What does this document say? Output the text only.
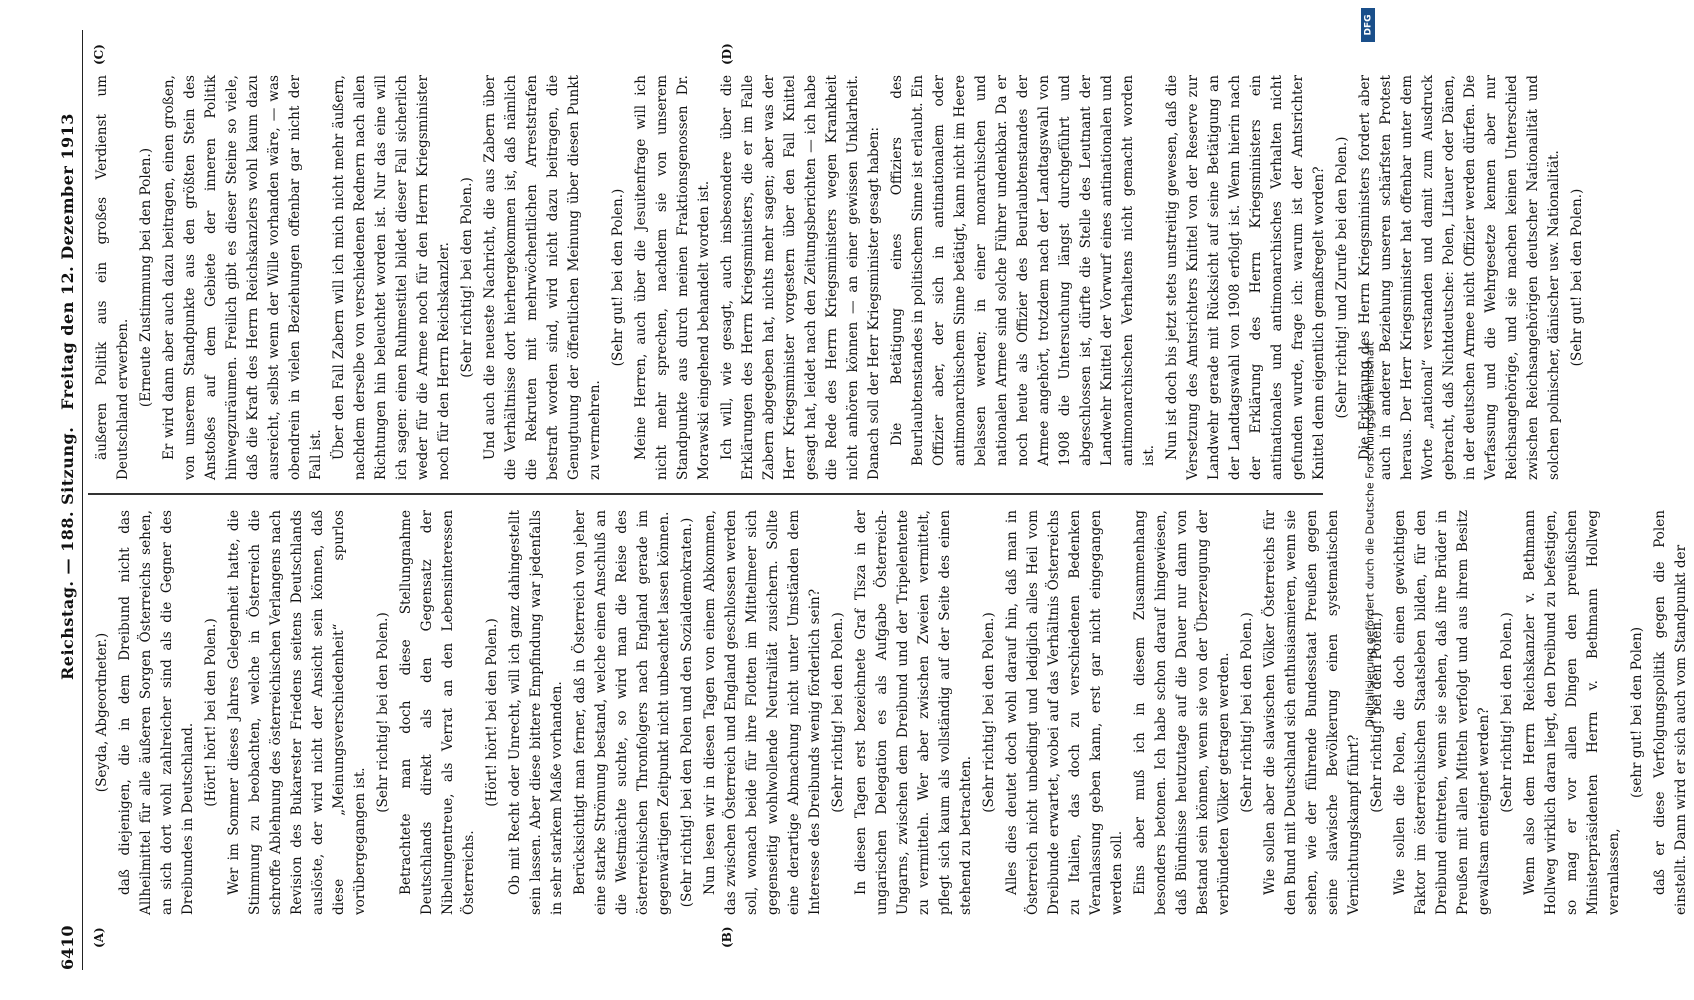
6410
Reichstag. — 188. Sitzung.
Freitag den 12. Dezember 1913
(A)	(B)
(C)	(D)

(Seyda, Abgeordneter.) daß diejenigen, die in dem Dreibund nicht das Allheilmittel für alle äußeren Sorgen Österreichs sehen, an sich dort wohl zahlreicher sind als die Gegner des Dreibundes in Deutschland.

(Hört! hört! bei den Polen.) Wer im Sommer dieses Jahres Gelegenheit hatte, die Stimmung zu beobachten, welche in Österreich die schroffe Ablehnung des österreichischen Verlangens nach Revision des Bukarester Friedens seitens Deutschlands auslöste, der wird nicht der Ansicht sein können, daß diese „Meinungsverschiedenheit“ spurlos vorübergegangen ist.

(Sehr richtig! bei den Polen.) Betrachtete man doch diese Stellungnahme Deutschlands direkt als den Gegensatz der Nibelungentreue, als Verrat an den Lebensinteressen Österreichs.

(Hört! hört! bei den Polen.) Ob mit Recht oder Unrecht, will ich ganz dahingestellt sein lassen. Aber diese bittere Empfindung war jedenfalls in sehr starkem Maße vorhanden. Berücksichtigt man ferner, daß in Österreich von jeher eine starke Strömung bestand, welche einen Anschluß an die Westmächte suchte, so wird man die Reise des österreichischen Thronfolgers nach England gerade im gegenwärtigen Zeitpunkt nicht unbeachtet lassen können. (Sehr richtig! bei den Polen und den Sozialdemokraten.) Nun lesen wir in diesen Tagen von einem Abkommen, das zwischen Österreich und England geschlossen werden soll, wonach beide für ihre Flotten im Mittelmeer sich gegenseitig wohlwollende Neutralität zusichern. Sollte eine derartige Abmachung nicht unter Umständen dem Interesse des Dreibunds wenig förderlich sein? (Sehr richtig! bei den Polen.) In diesen Tagen erst bezeichnete Graf Tisza in der ungarischen Delegation es als Aufgabe Österreich-Ungarns, zwischen dem Dreibund und der Tripelentente zu vermitteln. Wer aber zwischen Zweien vermittelt, pflegt sich kaum als vollständig auf der Seite des einen stehend zu betrachten.

(Sehr richtig! bei den Polen.) Alles dies deutet doch wohl darauf hin, daß man in Österreich nicht unbedingt und lediglich alles Heil vom Dreibunde erwartet, wobei auf das Verhältnis Österreichs zu Italien, das doch zu verschiedenen Bedenken Veranlassung geben kann, erst gar nicht eingegangen werden soll. Eins aber muß ich in diesem Zusammenhang besonders betonen. Ich habe schon darauf hingewiesen, daß Bündnisse heutzutage auf die Dauer nur dann von Bestand sein können, wenn sie von der Überzeugung der verbündeten Völker getragen werden. (Sehr richtig! bei den Polen.) Wie sollen aber die slawischen Völker Österreichs für den Bund mit Deutschland sich enthusiasmieren, wenn sie sehen, wie der führende Bundesstaat Preußen gegen seine slawische Bevölkerung einen systematischen Vernichtungskampf führt?

(Sehr richtig! bei den Polen.) Wie sollen die Polen, die doch einen gewichtigen Faktor im österreichischen Staatsleben bilden, für den Dreibund eintreten, wenn sie sehen, daß ihre Brüder in Preußen mit allen Mitteln verfolgt und aus ihrem Besitz gewaltsam enteignet werden? (Sehr richtig! bei den Polen.) Wenn also dem Herrn Reichskanzler v. Bethmann Hollweg wirklich daran liegt, den Dreibund zu befestigen, so mag er vor allen Dingen den preußischen Ministerpräsidenten Herrn v. Bethmann Hollweg veranlassen,

(sehr gut! bei den Polen) daß er diese Verfolgungspolitik gegen die Polen einstellt. Dann wird er sich auch vom Standpunkt der

äußeren Politik aus ein großes Verdienst um Deutschland erwerben. (Erneute Zustimmung bei den Polen.) Er wird dann aber auch dazu beitragen, einen großen, von unserem Standpunkte aus den größten Stein des Anstoßes auf dem Gebiete der inneren Politik hinwegzuräumen. Freilich gibt es dieser Steine so viele, daß die Kraft des Herrn Reichskanzlers wohl kaum dazu ausreicht, selbst wenn der Wille vorhanden wäre, — was obendrein in vielen Beziehungen offenbar gar nicht der Fall ist. Über den Fall Zabern will ich mich nicht mehr äußern, nachdem derselbe von verschiedenen Rednern nach allen Richtungen hin beleuchtet worden ist. Nur das eine will ich sagen: einen Ruhmestitel bildet dieser Fall sicherlich weder für die Armee noch für den Herrn Kriegsminister noch für den Herrn Reichskanzler. (Sehr richtig! bei den Polen.) Und auch die neueste Nachricht, die aus Zabern über die Verhältnisse dort hierhergekommen ist, daß nämlich die Rekruten mit mehrwöchentlichen Arreststrafen bestraft worden sind, wird nicht dazu beitragen, die Genugtuung der öffentlichen Meinung über diesen Punkt zu vermehren.

(Sehr gut! bei den Polen.) Meine Herren, auch über die Jesuitenfrage will ich nicht mehr sprechen, nachdem sie von unserem Standpunkte aus durch meinen Fraktionsgenossen Dr. Morawski eingehend behandelt worden ist. Ich will, wie gesagt, auch insbesondere über die Erklärungen des Herrn Kriegsministers, die er im Falle Zabern abgegeben hat, nichts mehr sagen; aber was der Herr Kriegsminister vorgestern über den Fall Knittel gesagt hat, leidet nach den Zeitungsberichten — ich habe die Rede des Herrn Kriegsministers wegen Krankheit nicht anhören können — an einer gewissen Unklarheit. Danach soll der Herr Kriegsminister gesagt haben: Die Betätigung eines Offiziers des Beurlaubtenstandes in politischem Sinne ist erlaubt. Ein Offizier aber, der sich in antinationalem oder antimonarchischem Sinne betätigt, kann nicht im Heere belassen werden; in einer monarchischen und nationalen Armee sind solche Führer undenkbar. Da er noch heute als Offizier des Beurlaubtenstandes der Armee angehört, trotzdem nach der Landtagswahl von 1908 die Untersuchung längst durchgeführt und abgeschlossen ist, dürfte die Stelle des Leutnant der Landwehr Knittel der Vorwurf eines antinationalen und antimonarchischen Verhaltens nicht gemacht worden ist. Nun ist doch bis jetzt stets unstreitig gewesen, daß die Versetzung des Amtsrichters Knittel von der Reserve zur Landwehr gerade mit Rücksicht auf seine Betätigung an der Landtagswahl von 1908 erfolgt ist. Wenn hierin nach der Erklärung des Herrn Kriegsministers ein antinationales und antimonarchisches Verhalten nicht gefunden wurde, frage ich: warum ist der Amtsrichter Knittel denn eigentlich gemaßregelt worden? (Sehr richtig! und Zurufe bei den Polen.) Die Erklärung des Herrn Kriegsministers fordert aber auch in anderer Beziehung unseren schärfsten Protest heraus. Der Herr Kriegsminister hat offenbar unter dem Worte „national“ verstanden und damit zum Ausdruck gebracht, daß Nichtdeutsche: Polen, Litauer oder Dänen, in der deutschen Armee nicht Offizier werden dürfen. Die Verfassung und die Wehrgesetze kennen aber nur Reichsangehörige, und sie machen keinen Unterschied zwischen Reichsangehörigen deutscher Nationalität und solchen polnischer, dänischer usw. Nationalität. (Sehr gut! bei den Polen.)

DFG
Digitalisierung gefördert durch die Deutsche Forschungsgemeinschaft
